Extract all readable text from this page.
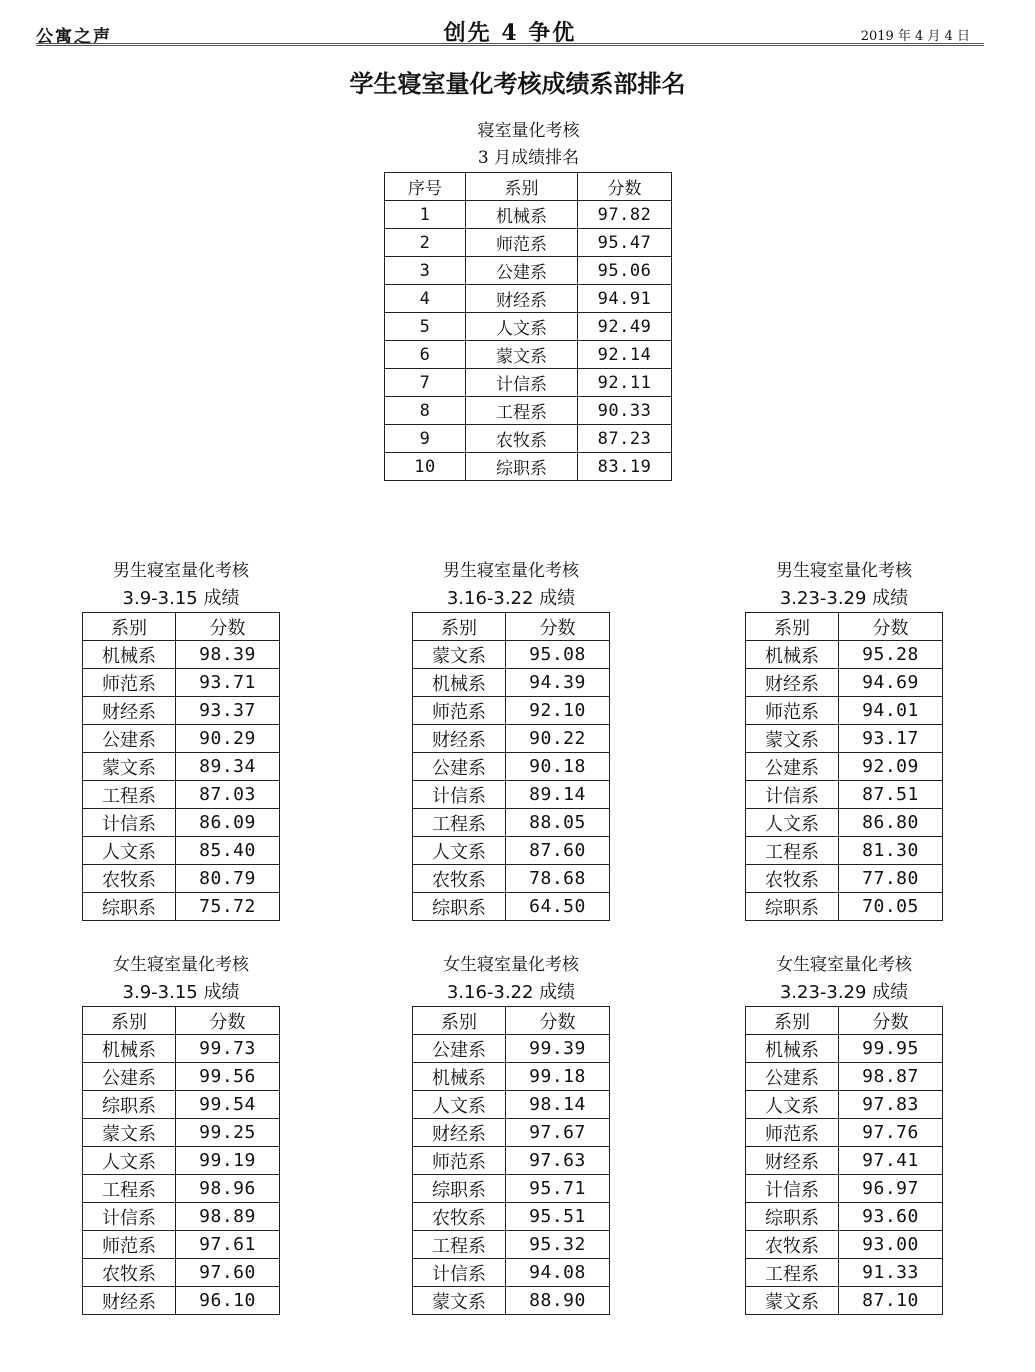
公寓之声	创先 4 争优	2019 年 4 月 4 日
学生寝室量化考核成绩系部排名
寝室量化考核
3 月成绩排名
序号	系别	分数
1	机械系	97.82
2	师范系	95.47
3	公建系	95.06
4	财经系	94.91
5	人文系	92.49
6	蒙文系	92.14
7	计信系	92.11
8	工程系	90.33
9	农牧系	87.23
10	综职系	83.19
男生寝室量化考核
3.9-3.15 成绩
系别	分数
机械系	98.39
师范系	93.71
财经系	93.37
公建系	90.29
蒙文系	89.34
工程系	87.03
计信系	86.09
人文系	85.40
农牧系	80.79
综职系	75.72
男生寝室量化考核
3.16-3.22 成绩
系别	分数
蒙文系	95.08
机械系	94.39
师范系	92.10
财经系	90.22
公建系	90.18
计信系	89.14
工程系	88.05
人文系	87.60
农牧系	78.68
综职系	64.50
男生寝室量化考核
3.23-3.29 成绩
系别	分数
机械系	95.28
财经系	94.69
师范系	94.01
蒙文系	93.17
公建系	92.09
计信系	87.51
人文系	86.80
工程系	81.30
农牧系	77.80
综职系	70.05
女生寝室量化考核
3.9-3.15 成绩
系别	分数
机械系	99.73
公建系	99.56
综职系	99.54
蒙文系	99.25
人文系	99.19
工程系	98.96
计信系	98.89
师范系	97.61
农牧系	97.60
财经系	96.10
女生寝室量化考核
3.16-3.22 成绩
系别	分数
公建系	99.39
机械系	99.18
人文系	98.14
财经系	97.67
师范系	97.63
综职系	95.71
农牧系	95.51
工程系	95.32
计信系	94.08
蒙文系	88.90
女生寝室量化考核
3.23-3.29 成绩
系别	分数
机械系	99.95
公建系	98.87
人文系	97.83
师范系	97.76
财经系	97.41
计信系	96.97
综职系	93.60
农牧系	93.00
工程系	91.33
蒙文系	87.10
